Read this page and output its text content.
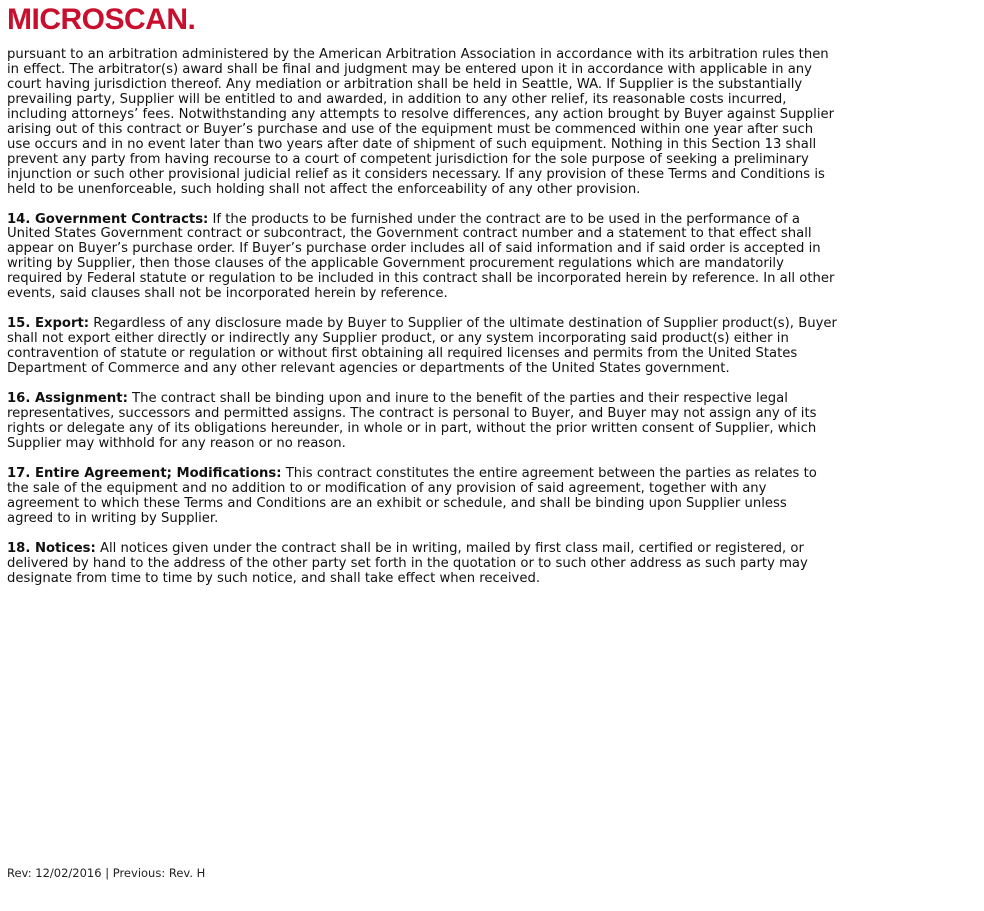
MICROSCAN.

pursuant to an arbitration administered by the American Arbitration Association in accordance with its arbitration rules then in effect. The arbitrator(s) award shall be final and judgment may be entered upon it in accordance with applicable in any court having jurisdiction thereof. Any mediation or arbitration shall be held in Seattle, WA. If Supplier is the substantially prevailing party, Supplier will be entitled to and awarded, in addition to any other relief, its reasonable costs incurred, including attorneys’ fees. Notwithstanding any attempts to resolve differences, any action brought by Buyer against Supplier arising out of this contract or Buyer’s purchase and use of the equipment must be commenced within one year after such use occurs and in no event later than two years after date of shipment of such equipment. Nothing in this Section 13 shall prevent any party from having recourse to a court of competent jurisdiction for the sole purpose of seeking a preliminary injunction or such other provisional judicial relief as it considers necessary. If any provision of these Terms and Conditions is held to be unenforceable, such holding shall not affect the enforceability of any other provision.

14. Government Contracts: If the products to be furnished under the contract are to be used in the performance of a United States Government contract or subcontract, the Government contract number and a statement to that effect shall appear on Buyer’s purchase order. If Buyer’s purchase order includes all of said information and if said order is accepted in writing by Supplier, then those clauses of the applicable Government procurement regulations which are mandatorily required by Federal statute or regulation to be included in this contract shall be incorporated herein by reference. In all other events, said clauses shall not be incorporated herein by reference.

15. Export: Regardless of any disclosure made by Buyer to Supplier of the ultimate destination of Supplier product(s), Buyer shall not export either directly or indirectly any Supplier product, or any system incorporating said product(s) either in contravention of statute or regulation or without first obtaining all required licenses and permits from the United States Department of Commerce and any other relevant agencies or departments of the United States government.

16. Assignment: The contract shall be binding upon and inure to the benefit of the parties and their respective legal representatives, successors and permitted assigns. The contract is personal to Buyer, and Buyer may not assign any of its rights or delegate any of its obligations hereunder, in whole or in part, without the prior written consent of Supplier, which Supplier may withhold for any reason or no reason.

17. Entire Agreement; Modifications: This contract constitutes the entire agreement between the parties as relates to the sale of the equipment and no addition to or modification of any provision of said agreement, together with any agreement to which these Terms and Conditions are an exhibit or schedule, and shall be binding upon Supplier unless agreed to in writing by Supplier.

18. Notices: All notices given under the contract shall be in writing, mailed by first class mail, certified or registered, or delivered by hand to the address of the other party set forth in the quotation or to such other address as such party may designate from time to time by such notice, and shall take effect when received.

Rev: 12/02/2016 | Previous: Rev. H
